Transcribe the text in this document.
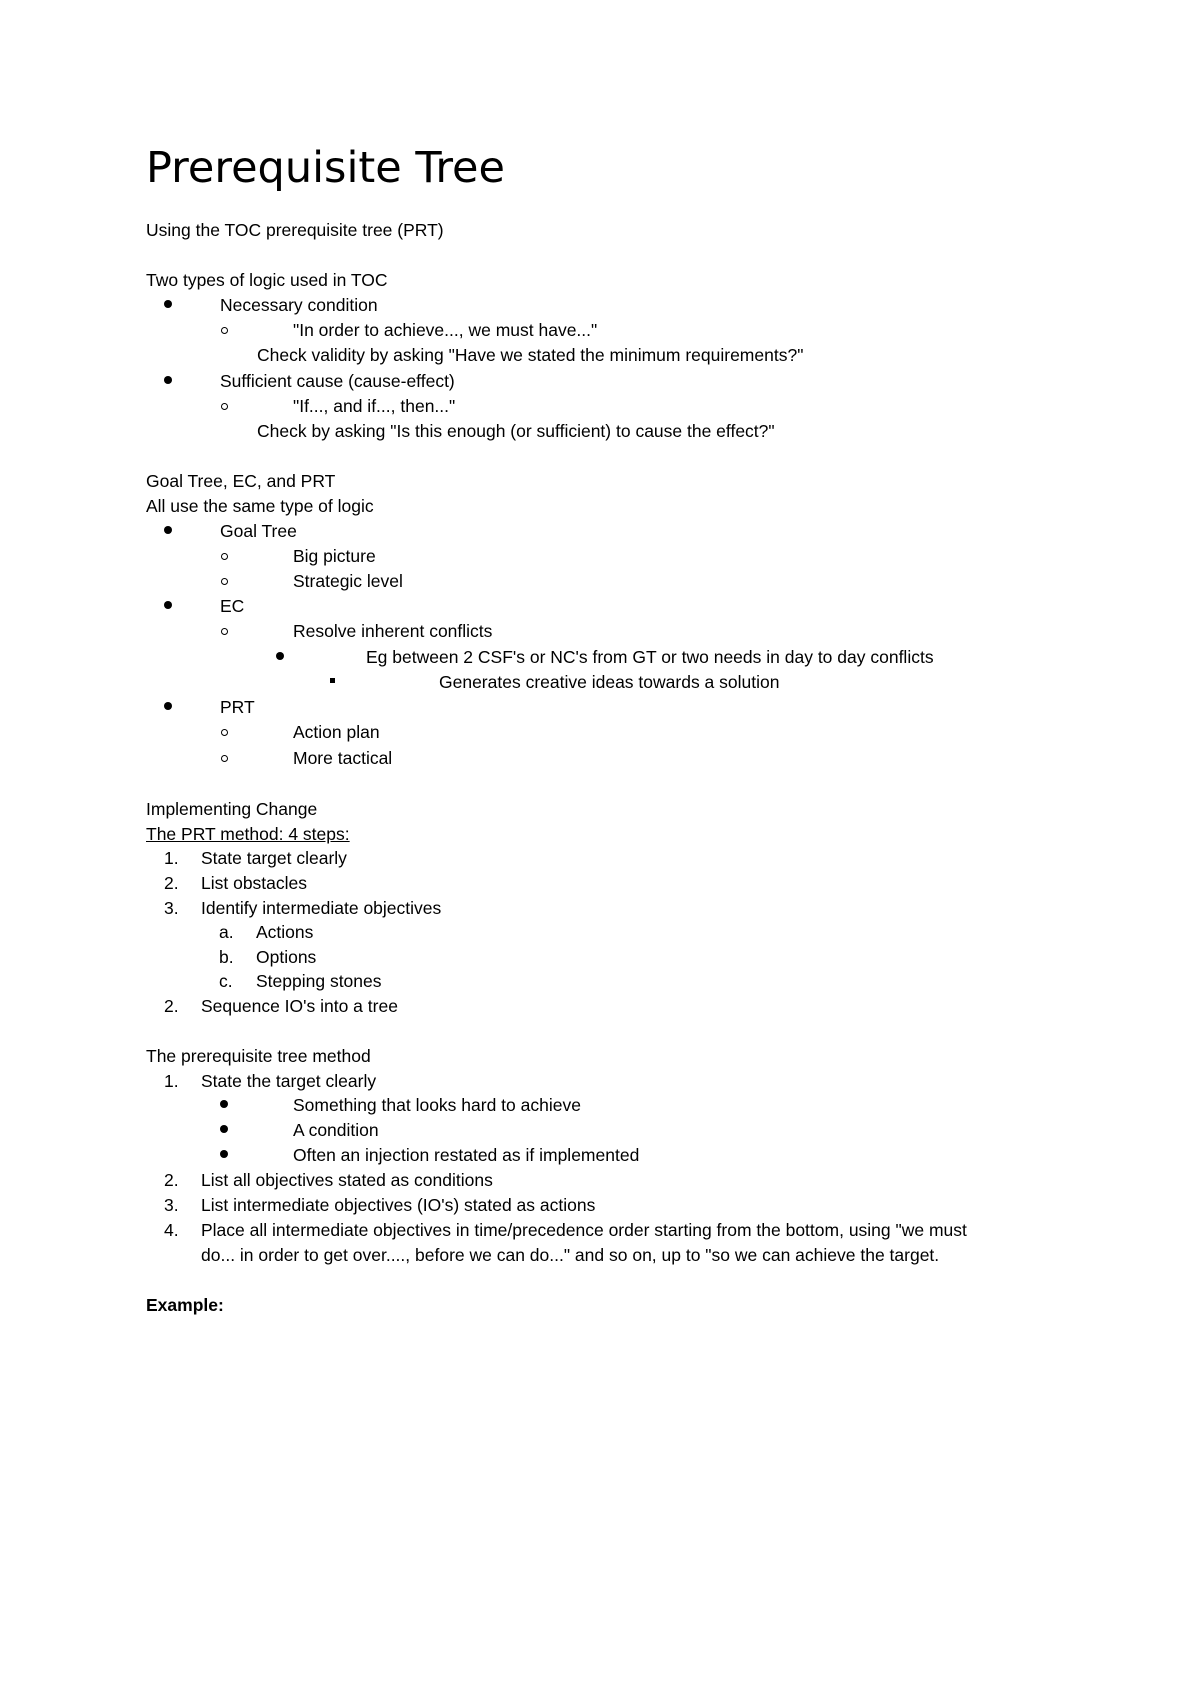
Prerequisite Tree
Using the TOC prerequisite tree (PRT)
Two types of logic used in TOC
Necessary condition
"In order to achieve..., we must have..."
Check validity by asking "Have we stated the minimum requirements?"
Sufficient cause (cause-effect)
"If..., and if..., then..."
Check by asking "Is this enough (or sufficient) to cause the effect?"
Goal Tree, EC, and PRT
All use the same type of logic
Goal Tree
Big picture
Strategic level
EC
Resolve inherent conflicts
Eg between 2 CSF's or NC's from GT or two needs in day to day conflicts
Generates creative ideas towards a solution
PRT
Action plan
More tactical
Implementing Change
The PRT method: 4 steps:
1. State target clearly
2. List obstacles
3. Identify intermediate objectives
a. Actions
b. Options
c. Stepping stones
2. Sequence IO's into a tree
The prerequisite tree method
1. State the target clearly
Something that looks hard to achieve
A condition
Often an injection restated as if implemented
2. List all objectives stated as conditions
3. List intermediate objectives (IO's) stated as actions
4. Place all intermediate objectives in time/precedence order starting from the bottom, using "we must
do... in order to get over...., before we can do..." and so on, up to "so we can achieve the target.
Example:
